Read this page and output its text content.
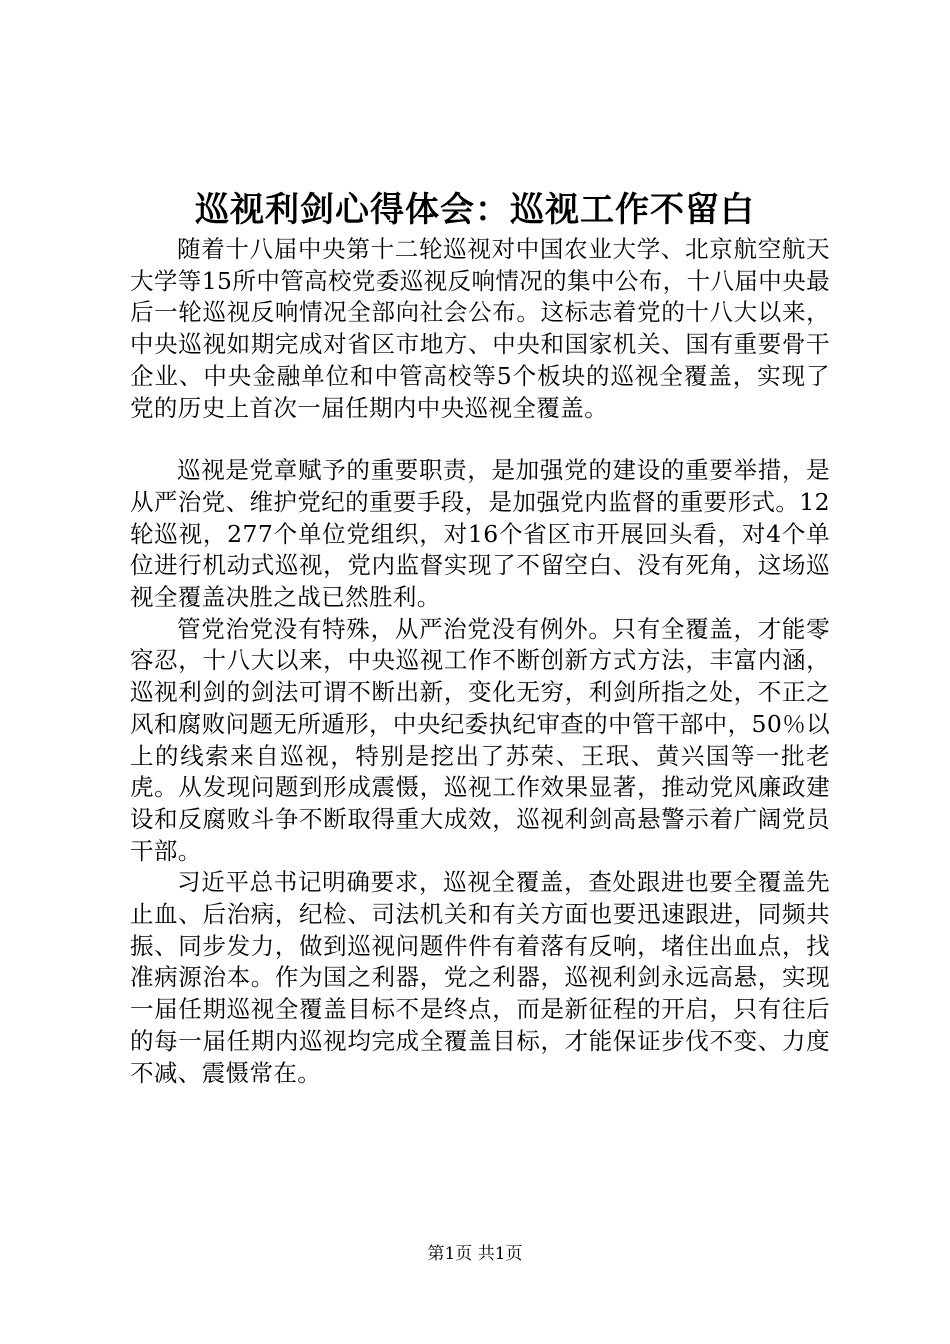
巡视利剑心得体会：巡视工作不留白

随着十八届中央第十二轮巡视对中国农业大学、北京航空航天大学等15所中管高校党委巡视反响情况的集中公布，十八届中央最后一轮巡视反响情况全部向社会公布。这标志着党的十八大以来，中央巡视如期完成对省区市地方、中央和国家机关、国有重要骨干企业、中央金融单位和中管高校等5个板块的巡视全覆盖，实现了党的历史上首次一届任期内中央巡视全覆盖。

巡视是党章赋予的重要职责，是加强党的建设的重要举措，是从严治党、维护党纪的重要手段，是加强党内监督的重要形式。12轮巡视，277个单位党组织，对16个省区市开展回头看，对4个单位进行机动式巡视，党内监督实现了不留空白、没有死角，这场巡视全覆盖决胜之战已然胜利。

管党治党没有特殊，从严治党没有例外。只有全覆盖，才能零容忍，十八大以来，中央巡视工作不断创新方式方法，丰富内涵，巡视利剑的剑法可谓不断出新，变化无穷，利剑所指之处，不正之风和腐败问题无所遁形，中央纪委执纪审查的中管干部中，50％以上的线索来自巡视，特别是挖出了苏荣、王珉、黄兴国等一批老虎。从发现问题到形成震慑，巡视工作效果显著，推动党风廉政建设和反腐败斗争不断取得重大成效，巡视利剑高悬警示着广阔党员干部。

习近平总书记明确要求，巡视全覆盖，查处跟进也要全覆盖先止血、后治病，纪检、司法机关和有关方面也要迅速跟进，同频共振、同步发力，做到巡视问题件件有着落有反响，堵住出血点，找准病源治本。作为国之利器，党之利器，巡视利剑永远高悬，实现一届任期巡视全覆盖目标不是终点，而是新征程的开启，只有往后的每一届任期内巡视均完成全覆盖目标，才能保证步伐不变、力度不减、震慑常在。

第1页 共1页
